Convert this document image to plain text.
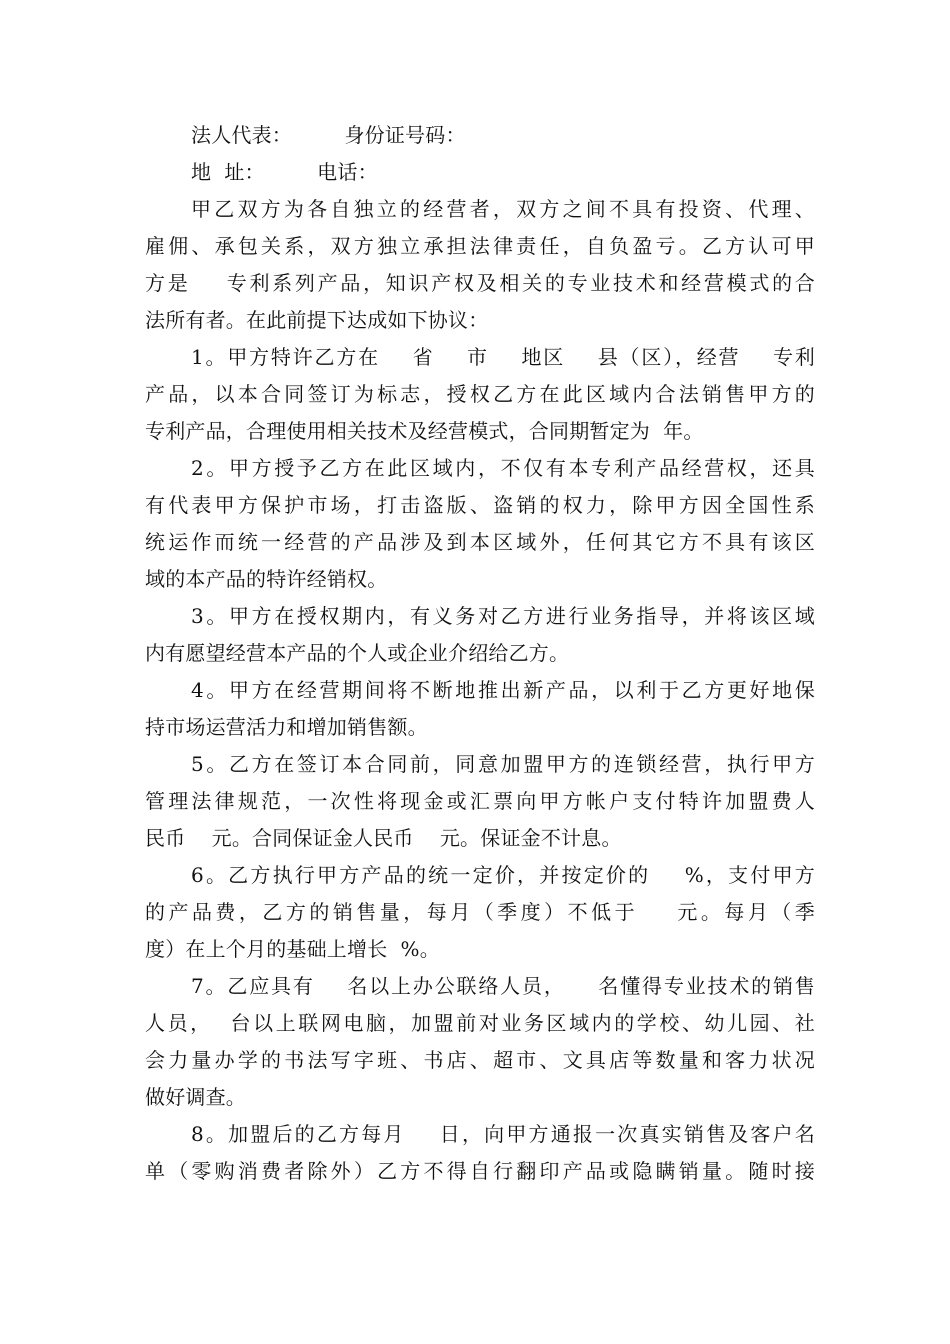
法人代表：        身份证号码：
地  址：        电话：
甲乙双方为各自独立的经营者，双方之间不具有投资、代理、
雇佣、承包关系，双方独立承担法律责任，自负盈亏。乙方认可甲
方是    专利系列产品，知识产权及相关的专业技术和经营模式的合
法所有者。在此前提下达成如下协议：
1。甲方特许乙方在    省    市    地区    县（区），经营    专利
产品，以本合同签订为标志，授权乙方在此区域内合法销售甲方的
专利产品，合理使用相关技术及经营模式，合同期暂定为  年。
2。甲方授予乙方在此区域内，不仅有本专利产品经营权，还具
有代表甲方保护市场，打击盗版、盗销的权力，除甲方因全国性系
统运作而统一经营的产品涉及到本区域外，任何其它方不具有该区
域的本产品的特许经销权。
3。甲方在授权期内，有义务对乙方进行业务指导，并将该区域
内有愿望经营本产品的个人或企业介绍给乙方。
4。甲方在经营期间将不断地推出新产品，以利于乙方更好地保
持市场运营活力和增加销售额。
5。乙方在签订本合同前，同意加盟甲方的连锁经营，执行甲方
管理法律规范，一次性将现金或汇票向甲方帐户支付特许加盟费人
民币    元。合同保证金人民币    元。保证金不计息。
6。乙方执行甲方产品的统一定价，并按定价的    %，支付甲方
的产品费，乙方的销售量，每月（季度）不低于    元。每月（季
度）在上个月的基础上增长  %。
7。乙应具有    名以上办公联络人员，    名懂得专业技术的销售
人员，  台以上联网电脑，加盟前对业务区域内的学校、幼儿园、社
会力量办学的书法写字班、书店、超市、文具店等数量和客力状况
做好调查。
8。加盟后的乙方每月    日，向甲方通报一次真实销售及客户名
单（零购消费者除外）乙方不得自行翻印产品或隐瞒销量。随时接
